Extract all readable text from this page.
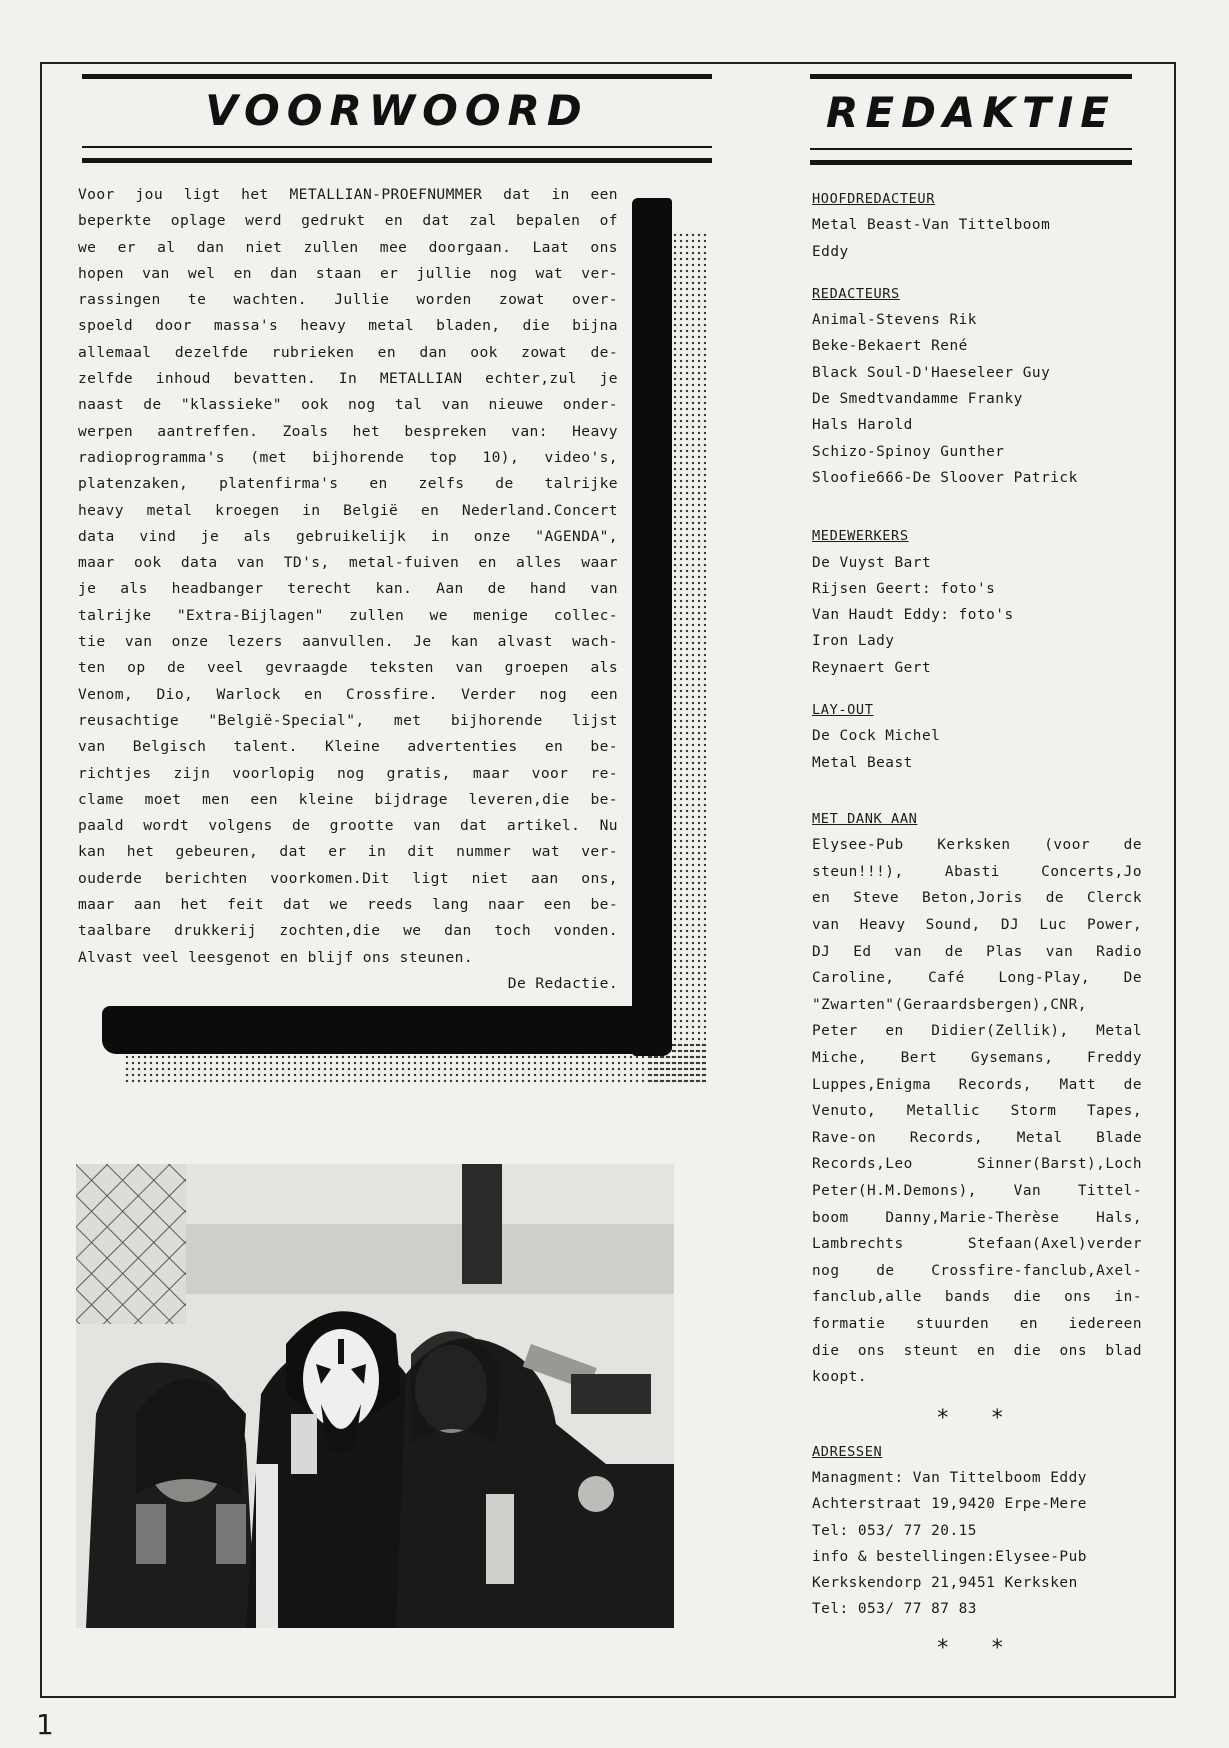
VOORWOORD	REDAKTIE
Voor jou ligt het METALLIAN-PROEFNUMMER dat in een
beperkte oplage werd gedrukt en dat zal bepalen of
we er al dan niet zullen mee doorgaan. Laat ons
hopen van wel en dan staan er jullie nog wat ver-
rassingen te wachten. Jullie worden zowat over-
spoeld door massa's heavy metal bladen, die bijna
allemaal dezelfde rubrieken en dan ook zowat de-
zelfde inhoud bevatten. In METALLIAN echter,zul je
naast de "klassieke" ook nog tal van nieuwe onder-
werpen aantreffen. Zoals het bespreken van: Heavy
radioprogramma's (met bijhorende top 10), video's,
platenzaken, platenfirma's en zelfs de talrijke
heavy metal kroegen in België en Nederland.Concert
data vind je als gebruikelijk in onze "AGENDA",
maar ook data van TD's, metal-fuiven en alles waar
je als headbanger terecht kan. Aan de hand van
talrijke "Extra-Bijlagen" zullen we menige collec-
tie van onze lezers aanvullen. Je kan alvast wach-
ten op de veel gevraagde teksten van groepen als
Venom, Dio, Warlock en Crossfire. Verder nog een
reusachtige "België-Special", met bijhorende lijst
van Belgisch talent. Kleine advertenties en be-
richtjes zijn voorlopig nog gratis, maar voor re-
clame moet men een kleine bijdrage leveren,die be-
paald wordt volgens de grootte van dat artikel. Nu
kan het gebeuren, dat er in dit nummer wat ver-
ouderde berichten voorkomen.Dit ligt niet aan ons,
maar aan het feit dat we reeds lang naar een be-
taalbare drukkerij zochten,die we dan toch vonden.
Alvast veel leesgenot en blijf ons steunen.
De Redactie.
HOOFDREDACTEUR
Metal Beast-Van Tittelboom
Eddy
REDACTEURS
Animal-Stevens Rik
Beke-Bekaert René
Black Soul-D'Haeseleer Guy
De Smedtvandamme Franky
Hals Harold
Schizo-Spinoy Gunther
Sloofie666-De Sloover Patrick
MEDEWERKERS
De Vuyst Bart
Rijsen Geert: foto's
Van Haudt Eddy: foto's
Iron Lady
Reynaert Gert
LAY-OUT
De Cock Michel
Metal Beast
MET DANK AAN
Elysee-Pub Kerksken (voor de
steun!!!), Abasti Concerts,Jo
en Steve Beton,Joris de Clerck
van Heavy Sound, DJ Luc Power,
DJ Ed van de Plas van Radio
Caroline, Café Long-Play, De
"Zwarten"(Geraardsbergen),CNR,
Peter en Didier(Zellik), Metal
Miche, Bert Gysemans, Freddy
Luppes,Enigma Records, Matt de
Venuto, Metallic Storm Tapes,
Rave-on Records, Metal Blade
Records,Leo Sinner(Barst),Loch
Peter(H.M.Demons), Van Tittel-
boom Danny,Marie-Therèse Hals,
Lambrechts Stefaan(Axel)verder
nog de Crossfire-fanclub,Axel-
fanclub,alle bands die ons in-
formatie stuurden en iedereen
die ons steunt en die ons blad
koopt.
* *
ADRESSEN
Managment: Van Tittelboom Eddy
Achterstraat 19,9420 Erpe-Mere
Tel: 053/ 77 20.15
info & bestellingen:Elysee-Pub
Kerkskendorp 21,9451 Kerksken
Tel: 053/ 77 87 83
* *
1
